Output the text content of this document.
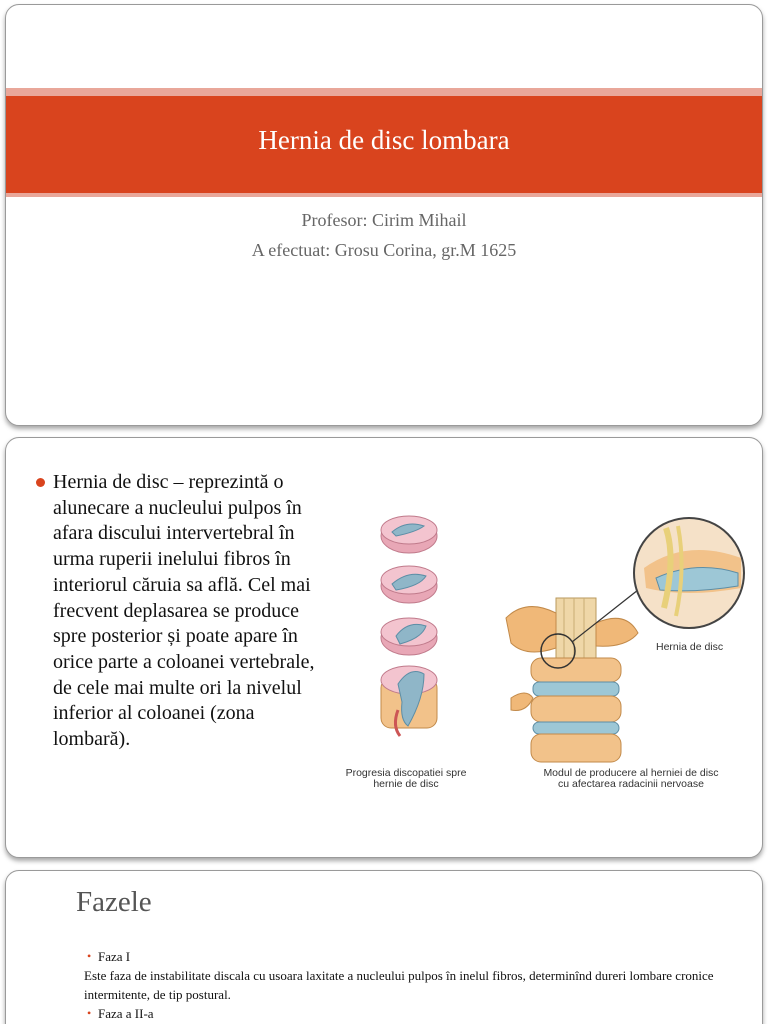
Hernia de disc lombara
Profesor: Cirim Mihail
A efectuat: Grosu Corina, gr.M 1625
Hernia de disc – reprezintă o alunecare a nucleului pulpos în afara discului intervertebral în urma ruperii inelului fibros în interiorul căruia sa află. Cel mai frecvent deplasarea se produce spre posterior și poate apare în orice parte a coloanei vertebrale, de cele mai multe ori la nivelul inferior al coloanei (zona lombară).
Hernia de disc
Progresia discopatiei spre
hernie de disc
Modul de producere al herniei de disc
cu afectarea radacinii nervoase
Fazele
• Faza I
Este faza de instabilitate discala cu usoara laxitate a nucleului pulpos în inelul fibros, determinînd dureri lombare cronice intermitente, de tip postural.
• Faza a II-a
